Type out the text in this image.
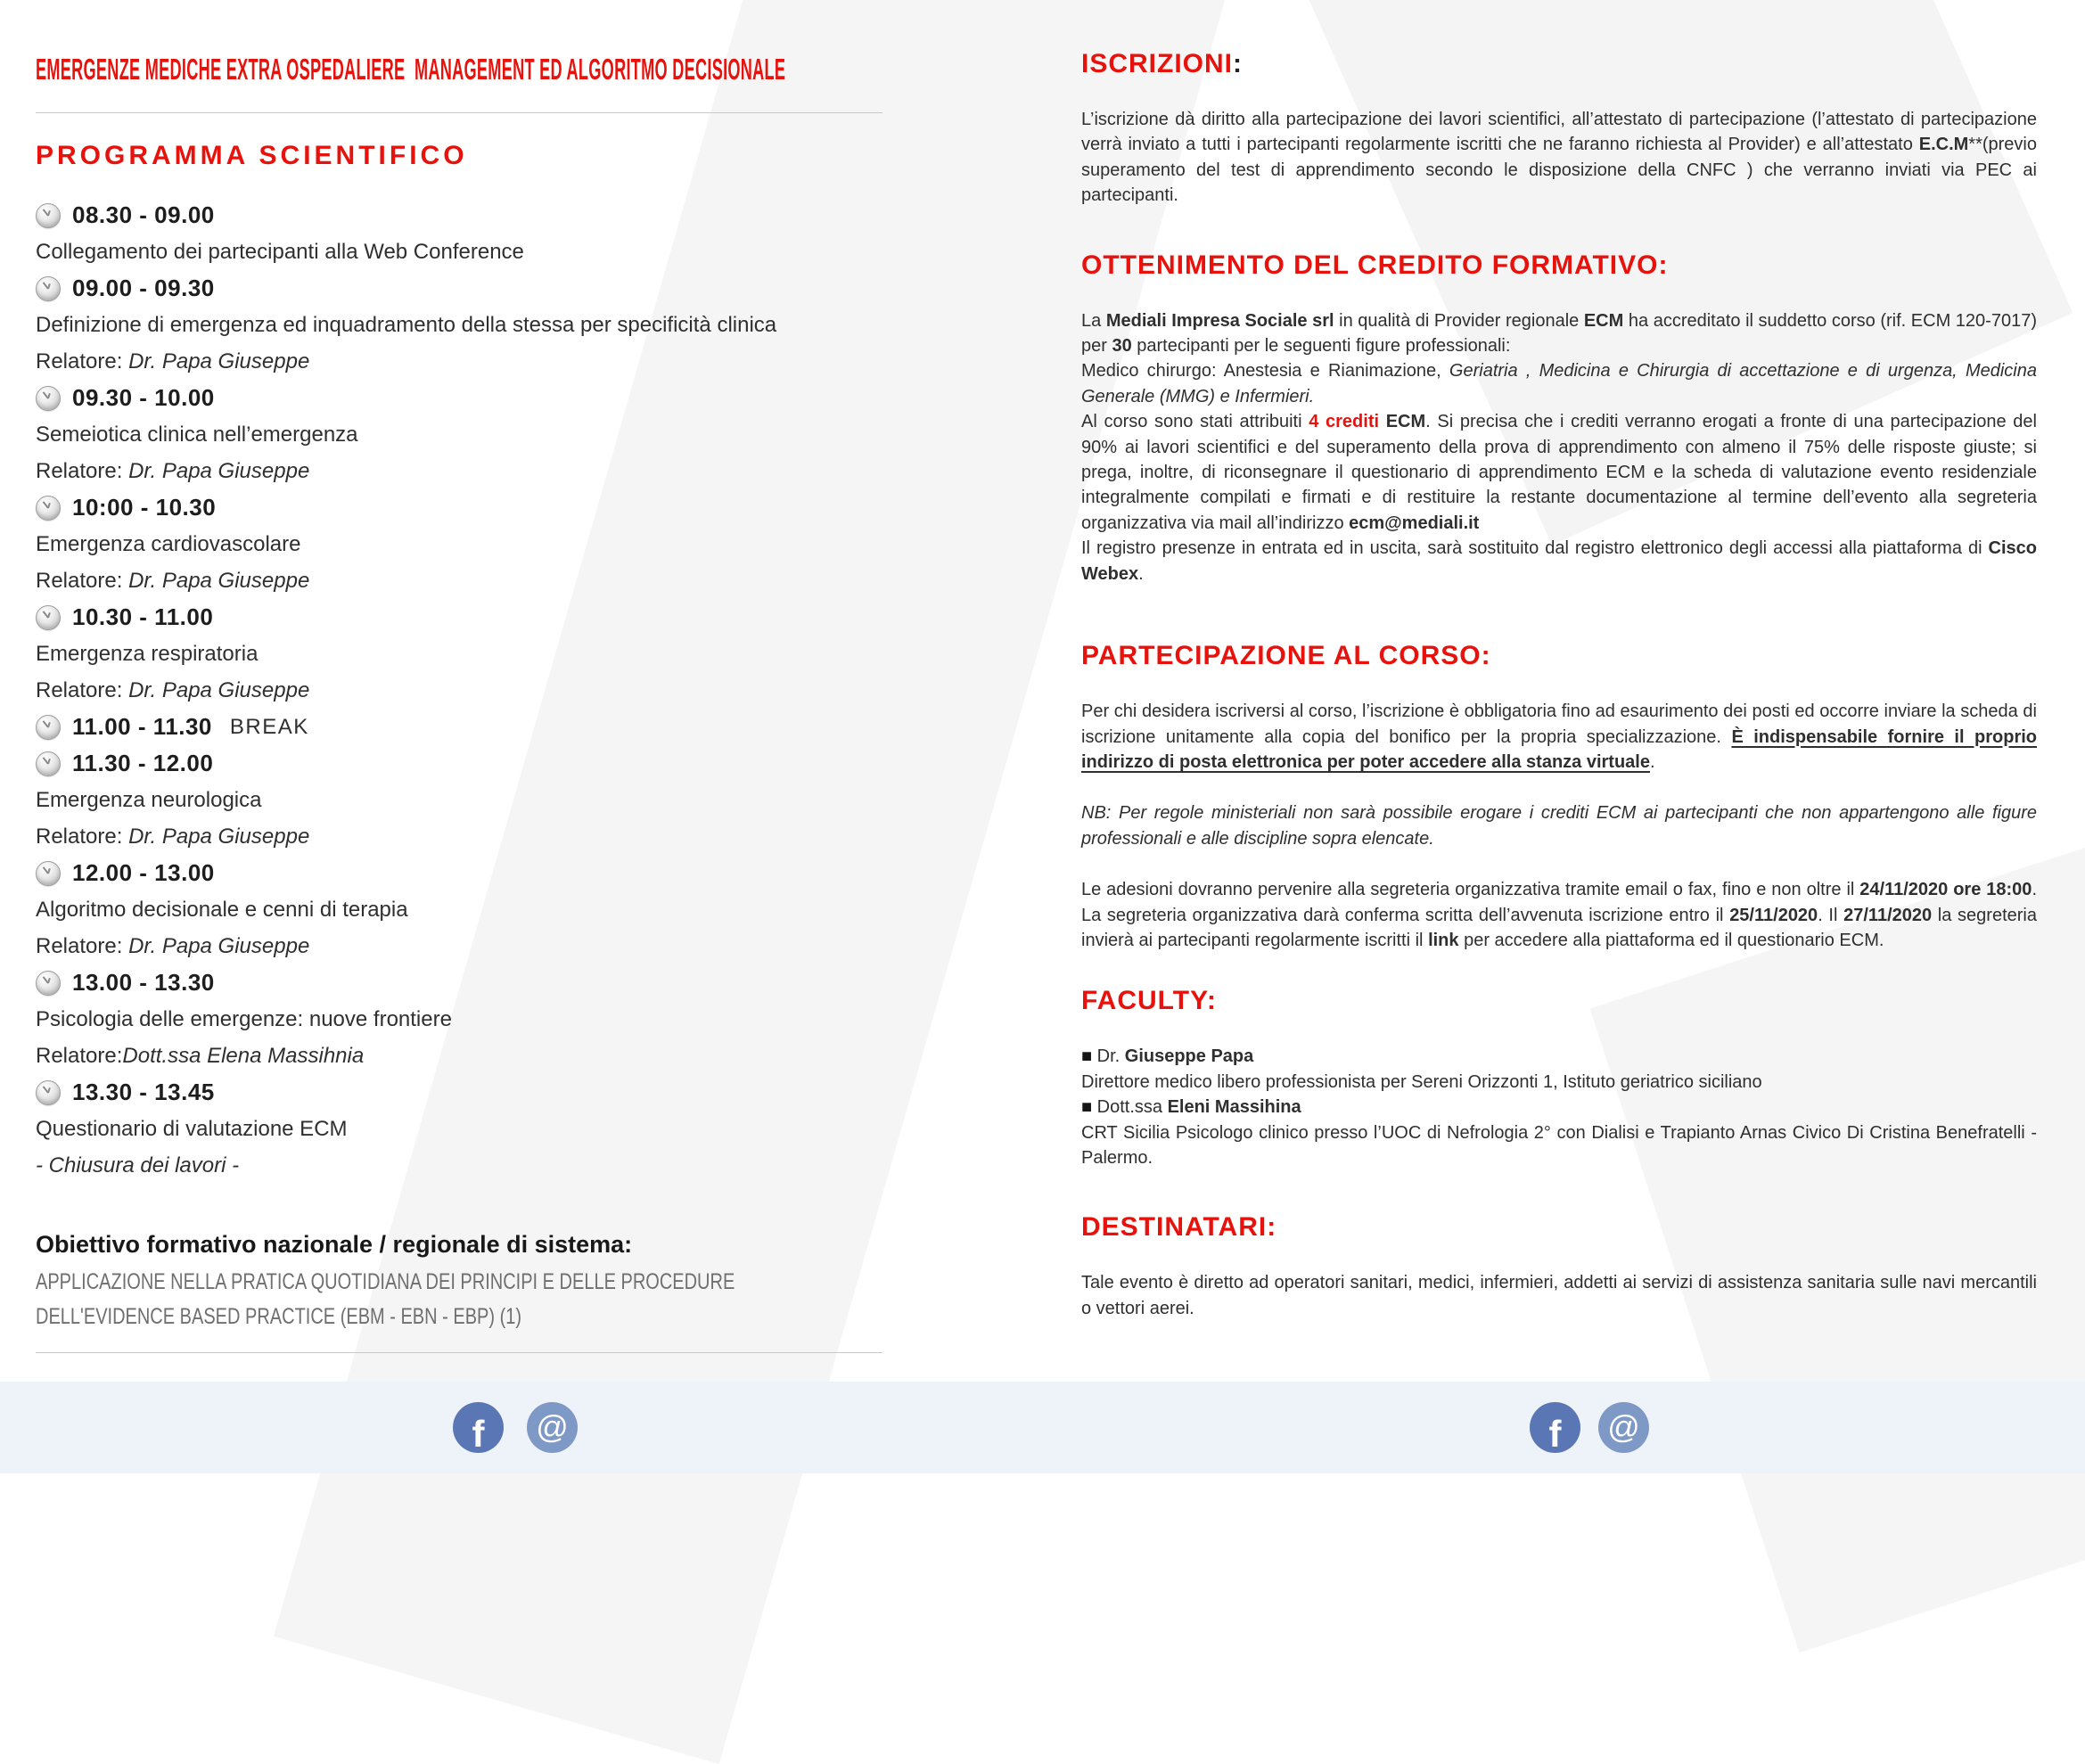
EMERGENZE MEDICHE EXTRA OSPEDALIERE  MANAGEMENT ED ALGORITMO DECISIONALE
PROGRAMMA SCIENTIFICO
08.30 - 09.00
Collegamento dei partecipanti alla Web Conference
09.00 - 09.30
Definizione di emergenza ed inquadramento della stessa per specificità clinica
Relatore: Dr. Papa Giuseppe
09.30 - 10.00
Semeiotica clinica nell’emergenza
Relatore: Dr. Papa Giuseppe
10:00 - 10.30
Emergenza cardiovascolare
Relatore: Dr. Papa Giuseppe
10.30 - 11.00
Emergenza respiratoria
Relatore: Dr. Papa Giuseppe
11.00 - 11.30 BREAK
11.30 - 12.00
Emergenza neurologica
Relatore: Dr. Papa Giuseppe
12.00 - 13.00
Algoritmo decisionale e cenni di terapia
Relatore: Dr. Papa Giuseppe
13.00 - 13.30
Psicologia delle emergenze: nuove frontiere
Relatore: Dott.ssa Elena Massihnia
13.30 - 13.45
Questionario di valutazione ECM
- Chiusura dei lavori -
Obiettivo formativo nazionale / regionale di sistema:
APPLICAZIONE NELLA PRATICA QUOTIDIANA DEI PRINCIPI E DELLE PROCEDURE
DELL'EVIDENCE BASED PRACTICE (EBM - EBN - EBP) (1)
ISCRIZIONI:

L’iscrizione dà diritto alla partecipazione dei lavori scientifici, all’attestato di partecipazione (l’attestato di partecipazione verrà inviato a tutti i partecipanti regolarmente iscritti che ne faranno richiesta al Provider) e all’attestato E.C.M**(previo superamento del test di apprendimento secondo le disposizione della CNFC ) che verranno inviati via PEC ai partecipanti.

OTTENIMENTO DEL CREDITO FORMATIVO:

La Mediali Impresa Sociale srl in qualità di Provider regionale ECM ha accreditato il suddetto corso (rif. ECM 120-7017) per 30 partecipanti per le seguenti figure professionali:

Medico chirurgo: Anestesia e Rianimazione, Geriatria , Medicina e Chirurgia di accettazione e di urgenza, Medicina Generale (MMG) e Infermieri.

Al corso sono stati attribuiti 4 crediti ECM. Si precisa che i crediti verranno erogati a fronte di una partecipazione del 90% ai lavori scientifici e del superamento della prova di apprendimento con almeno il 75% delle risposte giuste; si prega, inoltre, di riconsegnare il questionario di apprendimento ECM e la scheda di valutazione evento residenziale integralmente compilati e firmati e di restituire la restante documentazione al termine dell’evento alla segreteria organizzativa via mail all’indirizzo ecm@mediali.it

Il registro presenze in entrata ed in uscita, sarà sostituito dal registro elettronico degli accessi alla piattaforma di Cisco Webex.

PARTECIPAZIONE AL CORSO:

Per chi desidera iscriversi al corso, l’iscrizione è obbligatoria fino ad esaurimento dei posti ed occorre inviare la scheda di iscrizione unitamente alla copia del bonifico per la propria specializzazione. È indispensabile fornire il proprio indirizzo di posta elettronica per poter accedere alla stanza virtuale.

NB: Per regole ministeriali non sarà possibile erogare i crediti ECM ai partecipanti che non appartengono alle figure professionali e alle discipline sopra elencate.

Le adesioni dovranno pervenire alla segreteria organizzativa tramite email o fax, fino e non oltre il 24/11/2020 ore 18:00. La segreteria organizzativa darà conferma scritta dell’avvenuta iscrizione entro il 25/11/2020. Il 27/11/2020 la segreteria invierà ai partecipanti regolarmente iscritti il link per accedere alla piattaforma ed il questionario ECM.

FACULTY:

■ Dr. Giuseppe Papa

Direttore medico libero professionista per Sereni Orizzonti 1, Istituto geriatrico siciliano

■ Dott.ssa Eleni Massihina

CRT Sicilia Psicologo clinico presso l’UOC di Nefrologia 2° con Dialisi e Trapianto Arnas Civico Di Cristina Benefratelli - Palermo.

DESTINATARI:

Tale evento è diretto ad operatori sanitari, medici, infermieri, addetti ai servizi di assistenza sanitaria sulle navi mercantili o vettori aerei.

f @	f @
